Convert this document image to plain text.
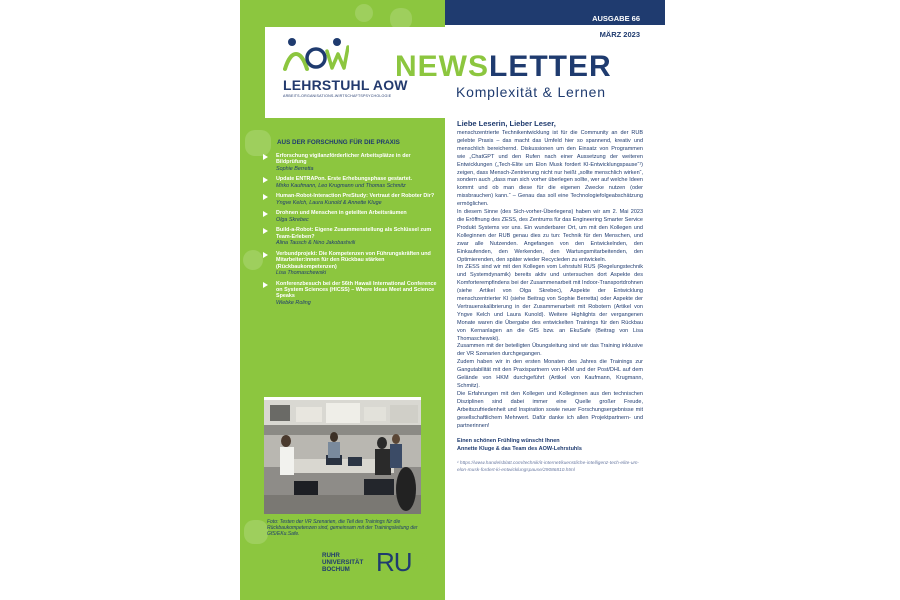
LEHRSTUHL AOW
ARBEITS-ORGANISATIONS-WIRTSCHAFTSPSYCHOLOGIE
AUS DER FORSCHUNG FÜR DIE PRAXIS
Erforschung vigilanzförderlicher Arbeitsplätze in der Bildprüfung
Sophie Berretta
Update ENTRAPon. Erste Erhebungsphase gestartet.
Mirko Kaufmann, Leo Krugmann und Thomas Schmitz
Human-Robot-Interaction PreStudy: Vertraut der Roboter Dir?
Yngve Kelch, Laura Kunold & Annette Kluge
Drohnen und Menschen in geteilten Arbeitsräumen
Olga Skrebec
Build-a-Robot: Eigene Zusammenstellung als Schlüssel zum Team-Erleben?
Alina Tausch & Nino Jakobashvili
Verbundprojekt: Die Kompetenzen von Führungskräften und Mitarbeiter:innen für den Rückbau stärken (Rückbaukompetenzen)
Lisa Thomaschewski
Konferenzbesuch bei der 56th Hawaii International Conference on System Sciences (HICSS) – Where Ideas Meet and Science Speaks
Wiebke Roling
Foto: Testen der VR Szenarien, die Teil des Trainings für die Rückbaukompetenzen sind, gemeinsam mit der Trainingsleitung der GfS/EKu.Safe.
RUHR
UNIVERSITÄT
BOCHUM	RUB
AUSGABE 66
MÄRZ 2023
NEWSLETTER
Komplexität & Lernen
Liebe Leserin, Lieber Leser,
menschzentrierte Technikentwicklung ist für die Community an der RUB gelebte Praxis – das macht das Umfeld hier so spannend, kreativ und menschlich bereichernd. Diskussionen um den Einsatz von Programmen wie „ChatGPT und den Rufen nach einer Aussetzung der weiteren Entwicklungen („Tech-Elite um Elon Musk fordert KI-Entwicklungspause“¹) zeigen, dass Mensch-Zentrierung nicht nur heißt „sollte menschlich wirken“, sondern auch „dass man sich vorher überlegen sollte, wer auf welche Ideen kommt und ob man diese für die eigenen Zwecke nutzen (oder missbrauchen) kann.“ – Genau das soll eine Technologiefolgeabschätzung ermöglichen.
In diesem Sinne (des Sich-vorher-Überlegens) haben wir am 2. Mai 2023 die Eröffnung des ZESS, des Zentrums für das Engineering Smarter Service Produkt Systems vor uns. Ein wunderbarer Ort, um mit den Kollegen und Kolleginnen der RUB genau dies zu tun: Technik für den Menschen, und zwar alle Nutzenden. Angefangen von den Entwickelnden, den Einkaufenden, den Werkenden, den Wartungsmitarbeitenden, den Optimierenden, den später wieder Recycleden zu entwickeln.
Im ZESS sind wir mit den Kollegen vom Lehrstuhl RUS (Regelungstechnik und Systemdynamik) bereits aktiv und untersuchen dort Aspekte des Komforterempfindens bei der Zusammenarbeit mit Indoor-Transportdrohnen (siehe Artikel von Olga Skrebec), Aspekte der Entwicklung menschzentrierter KI (siehe Beitrag von Sophie Berretta) oder Aspekte der Vertrauenskalibrierung in der Zusammenarbeit mit Robotern (Artikel von Yngve Kelch und Laura Kunold). Weitere Highlights der vergangenen Monate waren die Übergabe des entwickelten Trainings für den Rückbau von Kernanlagen an die GfS bzw. an EkuSafe (Beitrag von Lisa Thomaschewski).
Zusammen mit der beteiligten Übungsleitung sind wir das Training inklusive der VR Szenarien durchgegangen.
Zudem haben wir in den ersten Monaten des Jahres die Trainings zur Gangutabilität mit den Praxispartnern von HKM und der Post/DHL auf dem Gelände von HKM durchgeführt (Artikel von Kaufmann, Krugmann, Schmitz).
Die Erfahrungen mit den Kollegen und Kolleginnen aus den technischen Disziplinen sind dabei immer eine Quelle großer Freude, Arbeitszufriedenheit und Inspiration sowie neuer Forschungsergebnisse mit gesellschaftlichem Mehrwert. Dafür danke ich allen Projektpartnern- und partnerinnen!
Einen schönen Frühling wünscht Ihnen
Annette Kluge & das Team des AOW-Lehrstuhls
¹ https://www.handelsblatt.com/technik/it-internet/kuenstliche-intelligenz-tech-elite-um-elon-musk-fordert-ki-entwicklungspause/29086810.html
